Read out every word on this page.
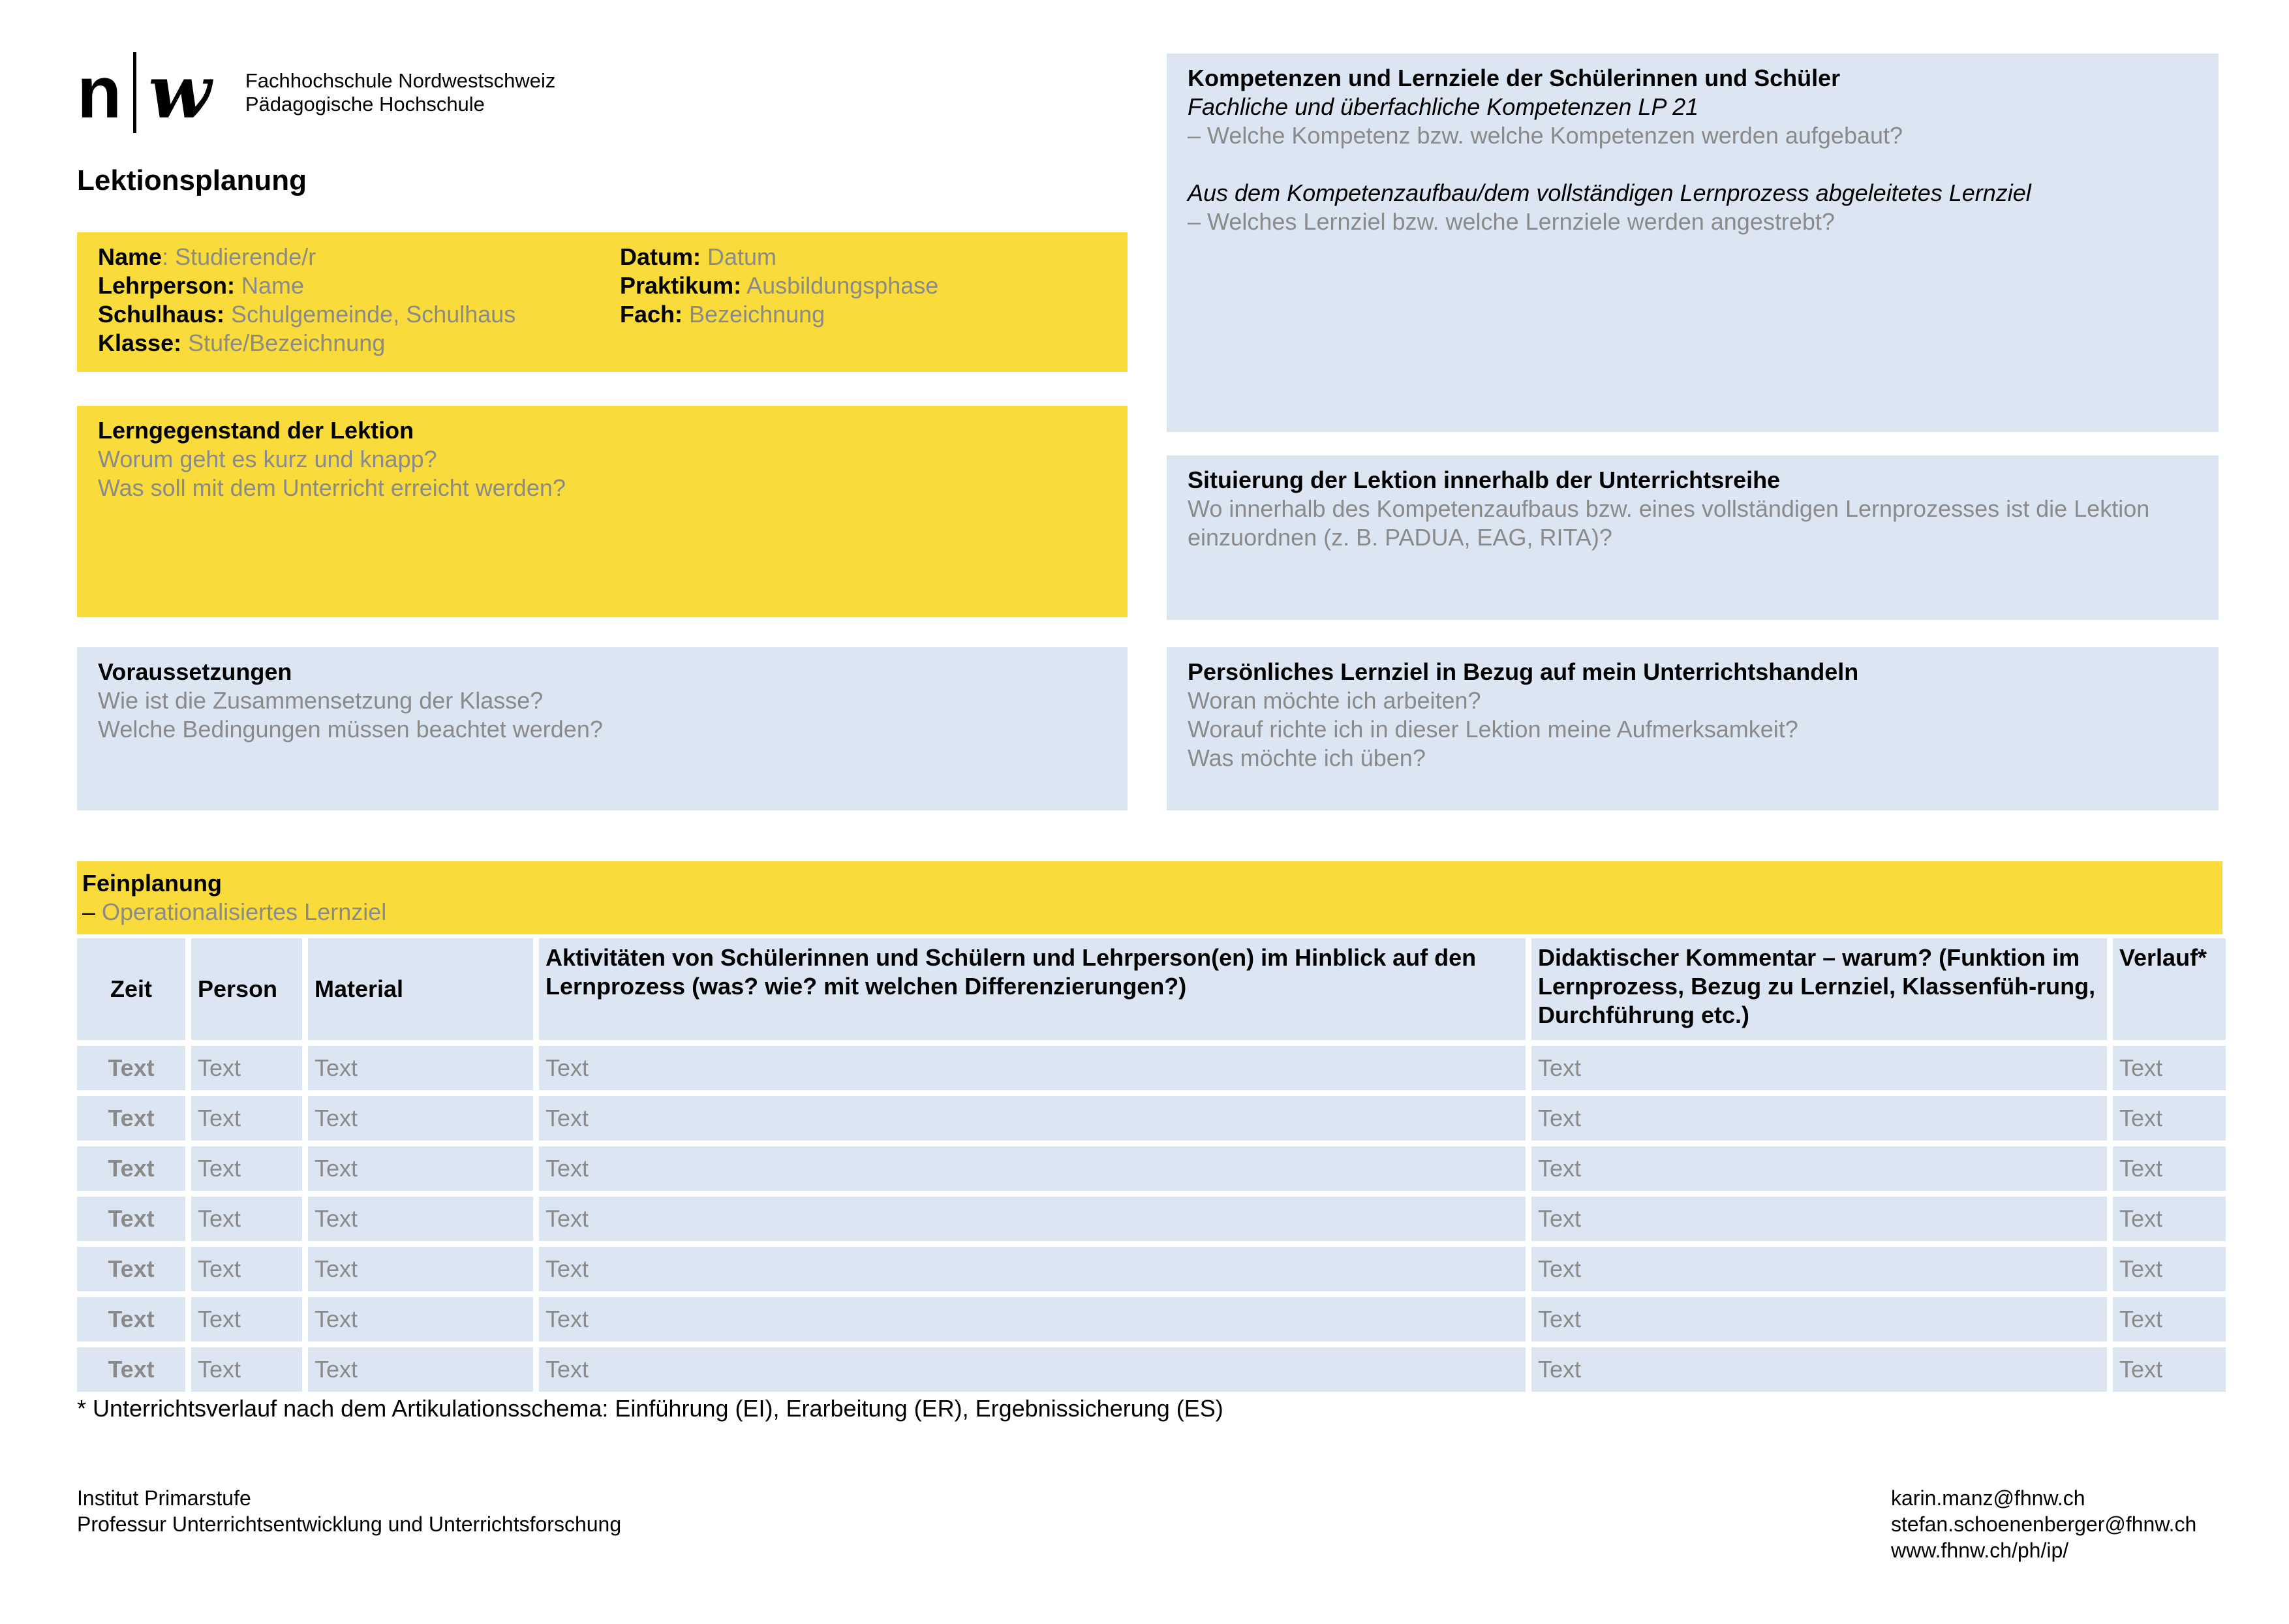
n w Fachhochschule Nordwestschweiz
Pädagogische Hochschule
Lektionsplanung
Name: Studierende/r
Lehrperson: Name
Schulhaus: Schulgemeinde, Schulhaus
Klasse: Stufe/Bezeichnung
Datum: Datum
Praktikum: Ausbildungsphase
Fach: Bezeichnung
Lerngegenstand der Lektion
Worum geht es kurz und knapp?
Was soll mit dem Unterricht erreicht werden?
Voraussetzungen
Wie ist die Zusammensetzung der Klasse?
Welche Bedingungen müssen beachtet werden?
Kompetenzen und Lernziele der Schülerinnen und Schüler
Fachliche und überfachliche Kompetenzen LP 21
– Welche Kompetenz bzw. welche Kompetenzen werden aufgebaut?
Aus dem Kompetenzaufbau/dem vollständigen Lernprozess abgeleitetes Lernziel
– Welches Lernziel bzw. welche Lernziele werden angestrebt?
Situierung der Lektion innerhalb der Unterrichtsreihe
Wo innerhalb des Kompetenzaufbaus bzw. eines vollständigen Lernprozesses ist die Lektion
einzuordnen (z. B. PADUA, EAG, RITA)?
Persönliches Lernziel in Bezug auf mein Unterrichtshandeln
Woran möchte ich arbeiten?
Worauf richte ich in dieser Lektion meine Aufmerksamkeit?
Was möchte ich üben?
Feinplanung
– Operationalisiertes Lernziel
Zeit	Person	Material	Aktivitäten von Schülerinnen und Schülern und Lehrperson(en) im Hinblick auf den Lernprozess (was? wie? mit welchen Differenzierungen?)	Didaktischer Kommentar – warum? (Funktion im Lernprozess, Bezug zu Lernziel, Klassenfüh-rung, Durchführung etc.)	Verlauf*
Text	Text	Text	Text	Text	Text
Text	Text	Text	Text	Text	Text
Text	Text	Text	Text	Text	Text
Text	Text	Text	Text	Text	Text
Text	Text	Text	Text	Text	Text
Text	Text	Text	Text	Text	Text
Text	Text	Text	Text	Text	Text
* Unterrichtsverlauf nach dem Artikulationsschema: Einführung (EI), Erarbeitung (ER), Ergebnissicherung (ES)
Institut Primarstufe
Professur Unterrichtsentwicklung und Unterrichtsforschung
karin.manz@fhnw.ch
stefan.schoenenberger@fhnw.ch
www.fhnw.ch/ph/ip/
